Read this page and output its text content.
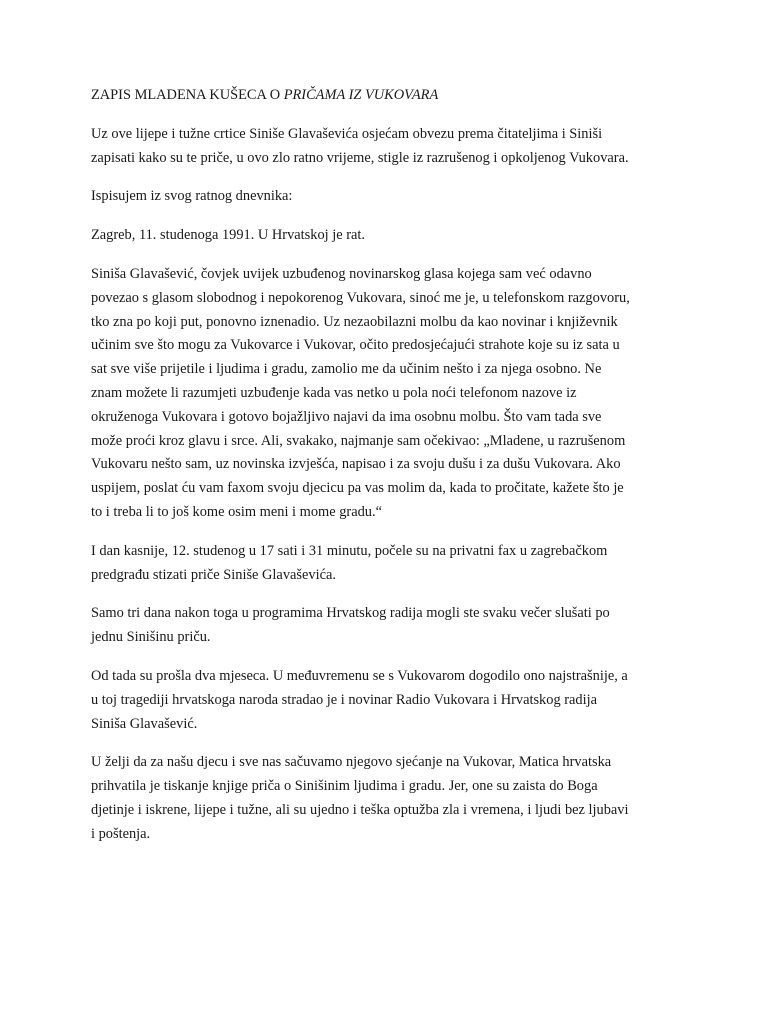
ZAPIS MLADENA KUŠECA O PRIČAMA IZ VUKOVARA

Uz ove lijepe i tužne crtice Siniše Glavaševića osjećam obvezu prema čitateljima i Siniši
zapisati kako su te priče, u ovo zlo ratno vrijeme, stigle iz razrušenog i opkoljenog Vukovara.

Ispisujem iz svog ratnog dnevnika:

Zagreb, 11. studenoga 1991. U Hrvatskoj je rat.

Siniša Glavašević, čovjek uvijek uzbuđenog novinarskog glasa kojega sam već odavno
povezao s glasom slobodnog i nepokorenog Vukovara, sinoć me je, u telefonskom razgovoru,
tko zna po koji put, ponovno iznenadio. Uz nezaobilazni molbu da kao novinar i književnik
učinim sve što mogu za Vukovarce i Vukovar, očito predosjećajući strahote koje su iz sata u
sat sve više prijetile i ljudima i gradu, zamolio me da učinim nešto i za njega osobno. Ne
znam možete li razumjeti uzbuđenje kada vas netko u pola noći telefonom nazove iz
okruženoga Vukovara i gotovo bojažljivo najavi da ima osobnu molbu. Što vam tada sve
može proći kroz glavu i srce. Ali, svakako, najmanje sam očekivao: „Mladene, u razrušenom
Vukovaru nešto sam, uz novinska izvješća, napisao i za svoju dušu i za dušu Vukovara. Ako
uspijem, poslat ću vam faxom svoju djecicu pa vas molim da, kada to pročitate, kažete što je
to i treba li to još kome osim meni i mome gradu.“

I dan kasnije, 12. studenog u 17 sati i 31 minutu, počele su na privatni fax u zagrebačkom
predgrađu stizati priče Siniše Glavaševića.

Samo tri dana nakon toga u programima Hrvatskog radija mogli ste svaku večer slušati po
jednu Sinišinu priču.

Od tada su prošla dva mjeseca. U međuvremenu se s Vukovarom dogodilo ono najstrašnije, a
u toj tragediji hrvatskoga naroda stradao je i novinar Radio Vukovara i Hrvatskog radija
Siniša Glavašević.

U želji da za našu djecu i sve nas sačuvamo njegovo sjećanje na Vukovar, Matica hrvatska
prihvatila je tiskanje knjige priča o Sinišinim ljudima i gradu. Jer, one su zaista do Boga
djetinje i iskrene, lijepe i tužne, ali su ujedno i teška optužba zla i vremena, i ljudi bez ljubavi
i poštenja.
